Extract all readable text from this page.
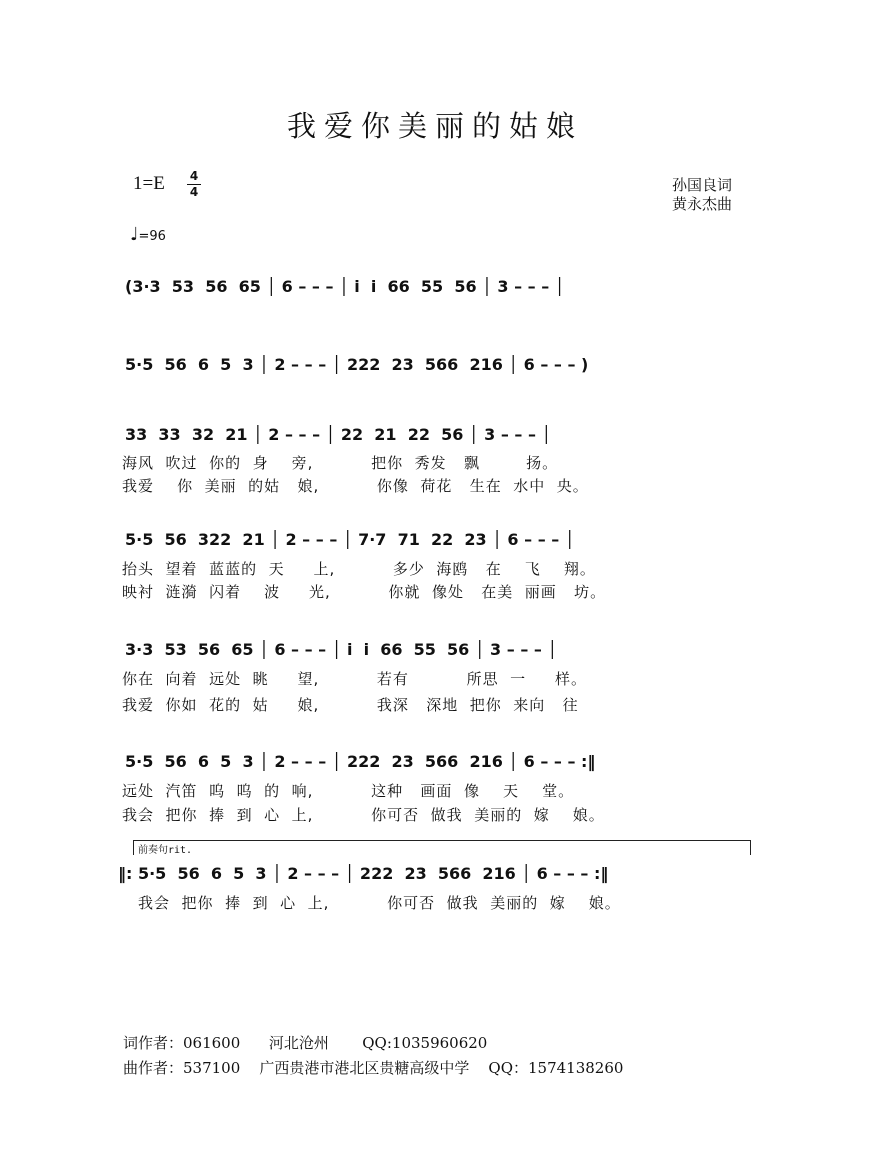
我爱你美丽的姑娘
1=E 4
4	孙国良词
黄永杰曲
♩=96
(3·3  53  56  65 │ 6 – – – │ i  i  66  55  56 │ 3 – – – │
5·5  56  6  5  3 │ 2 – – – │ 222  23  566  216 │ 6 – – – )
33  33  32  21 │ 2 – – – │ 22  21  22  56 │ 3 – – – │
海风  吹过  你的  身    旁,          把你  秀发   飘        扬。
我爱    你  美丽  的姑   娘,          你像  荷花   生在  水中  央。
5·5  56  322  21 │ 2 – – – │ 7·7  71  22  23 │ 6 – – – │
抬头  望着  蓝蓝的  天     上,          多少  海鸥   在    飞    翔。
映衬  涟漪  闪着    波     光,          你就  像处   在美  丽画   坊。
3·3  53  56  65 │ 6 – – – │ i  i  66  55  56 │ 3 – – – │
你在  向着  远处  眺     望,          若有          所思  一     样。
我爱  你如  花的  姑     娘,          我深   深地  把你  来向   往
5·5  56  6  5  3 │ 2 – – – │ 222  23  566  216 │ 6 – – – :‖
远处  汽笛  呜  呜  的  响,          这种   画面  像    天    堂。
我会  把你  捧  到  心  上,          你可否  做我  美丽的  嫁    娘。
前奏句rit.
‖: 5·5  56  6  5  3 │ 2 – – – │ 222  23  566  216 │ 6 – – – :‖
我会  把你  捧  到  心  上,          你可否  做我  美丽的  嫁    娘。
词作者：061600      河北沧州       QQ:1035960620
曲作者：537100    广西贵港市港北区贵糖高级中学    QQ：1574138260
